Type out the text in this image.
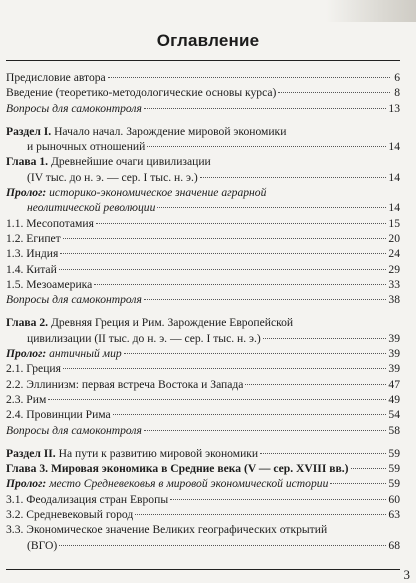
Оглавление
Предисловие автора	6
Введение (теоретико-методологические основы курса)	8
Вопросы для самоконтроля	13
Раздел I. Начало начал. Зарождение мировой экономики
и рыночных отношений	14
Глава 1. Древнейшие очаги цивилизации
(IV тыс. до н. э. — сер. I тыс. н. э.)	14
Пролог: историко-экономическое значение аграрной
неолитической революции	14
1.1. Месопотамия	15
1.2. Египет	20
1.3. Индия	24
1.4. Китай	29
1.5. Мезоамерика	33
Вопросы для самоконтроля	38
Глава 2. Древняя Греция и Рим. Зарождение Европейской
цивилизации (II тыс. до н. э. — сер. I тыс. н. э.)	39
Пролог: античный мир	39
2.1. Греция	39
2.2. Эллинизм: первая встреча Востока и Запада	47
2.3. Рим	49
2.4. Провинции Рима	54
Вопросы для самоконтроля	58
Раздел II. На пути к развитию мировой экономики	59
Глава 3. Мировая экономика в Средние века (V — сер. XVIII вв.)	59
Пролог: место Средневековья в мировой экономической истории	59
3.1. Феодализация стран Европы	60
3.2. Средневековый город	63
3.3. Экономическое значение Великих географических открытий
(ВГО)	68
3
